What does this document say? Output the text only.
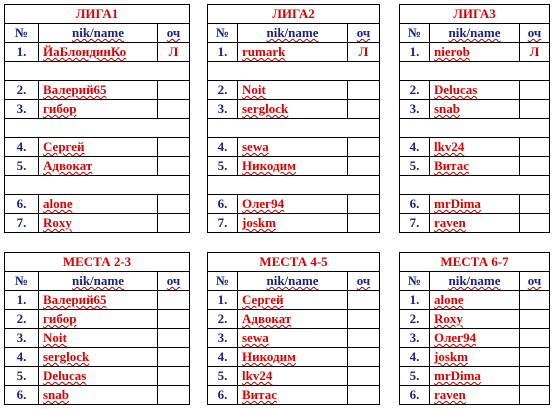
ЛИГА1		
№	nik/name	оч
1.	ЙаБлондинКо	Л

2.	Валерий65	
3.	гибор	

4.	Сергей	
5.	Адвокат	

6.	alone	
7.	Roxy	
ЛИГА2		
№	nik/name	оч
1.	rumark	Л

2.	Noit	
3.	serglock	

4.	sewa	
5.	Никодим	

6.	Олег94	
7.	joskm	
ЛИГА3		
№	nik/name	оч
1.	nierob	Л

2.	Delucas	
3.	snab	

4.	lkv24	
5.	Витас	

6.	mrDima	
7.	raven	
МЕСТА 2-3		
№	nik/name	оч
1.	Валерий65	
2.	гибор	
3.	Noit	
4.	serglock	
5.	Delucas	
6.	snab	
МЕСТА 4-5		
№	nik/name	оч
1.	Сергей	
2.	Адвокат	
3.	sewa	
4.	Никодим	
5.	lkv24	
6.	Витас	
МЕСТА 6-7		
№	nik/name	оч
1.	alone	
2.	Roxy	
3.	Олег94	
4.	joskm	
5.	mrDima	
6.	raven	
